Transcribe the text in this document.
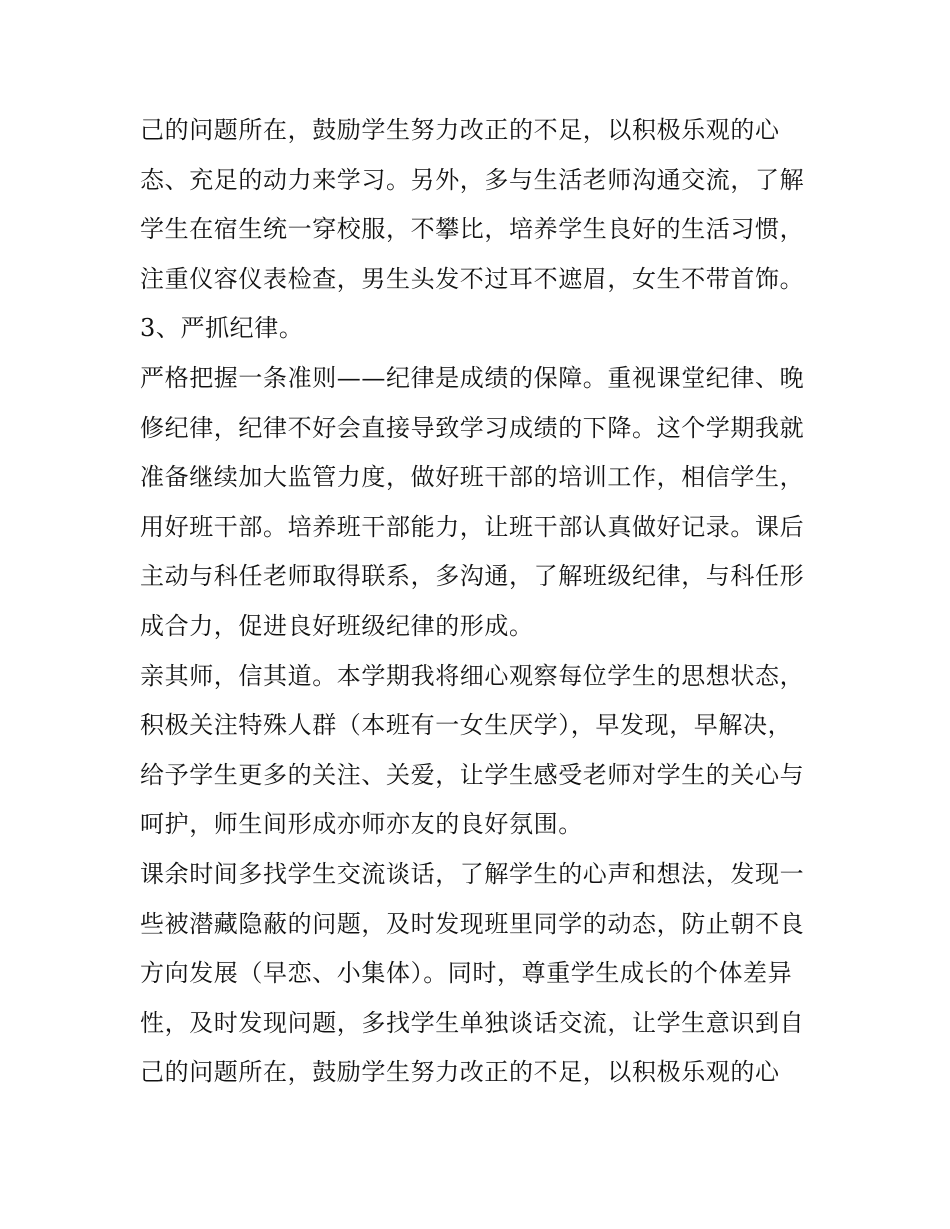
己的问题所在，鼓励学生努力改正的不足，以积极乐观的心
态、充足的动力来学习。另外，多与生活老师沟通交流，了解
学生在宿生统一穿校服，不攀比，培养学生良好的生活习惯，
注重仪容仪表检查，男生头发不过耳不遮眉，女生不带首饰。
3、严抓纪律。
严格把握一条准则——纪律是成绩的保障。重视课堂纪律、晚
修纪律，纪律不好会直接导致学习成绩的下降。这个学期我就
准备继续加大监管力度，做好班干部的培训工作，相信学生，
用好班干部。培养班干部能力，让班干部认真做好记录。课后
主动与科任老师取得联系，多沟通，了解班级纪律，与科任形
成合力，促进良好班级纪律的形成。
亲其师，信其道。本学期我将细心观察每位学生的思想状态，
积极关注特殊人群（本班有一女生厌学），早发现，早解决，
给予学生更多的关注、关爱，让学生感受老师对学生的关心与
呵护，师生间形成亦师亦友的良好氛围。
课余时间多找学生交流谈话，了解学生的心声和想法，发现一
些被潜藏隐蔽的问题，及时发现班里同学的动态，防止朝不良
方向发展（早恋、小集体）。同时，尊重学生成长的个体差异
性，及时发现问题，多找学生单独谈话交流，让学生意识到自
己的问题所在，鼓励学生努力改正的不足，以积极乐观的心
